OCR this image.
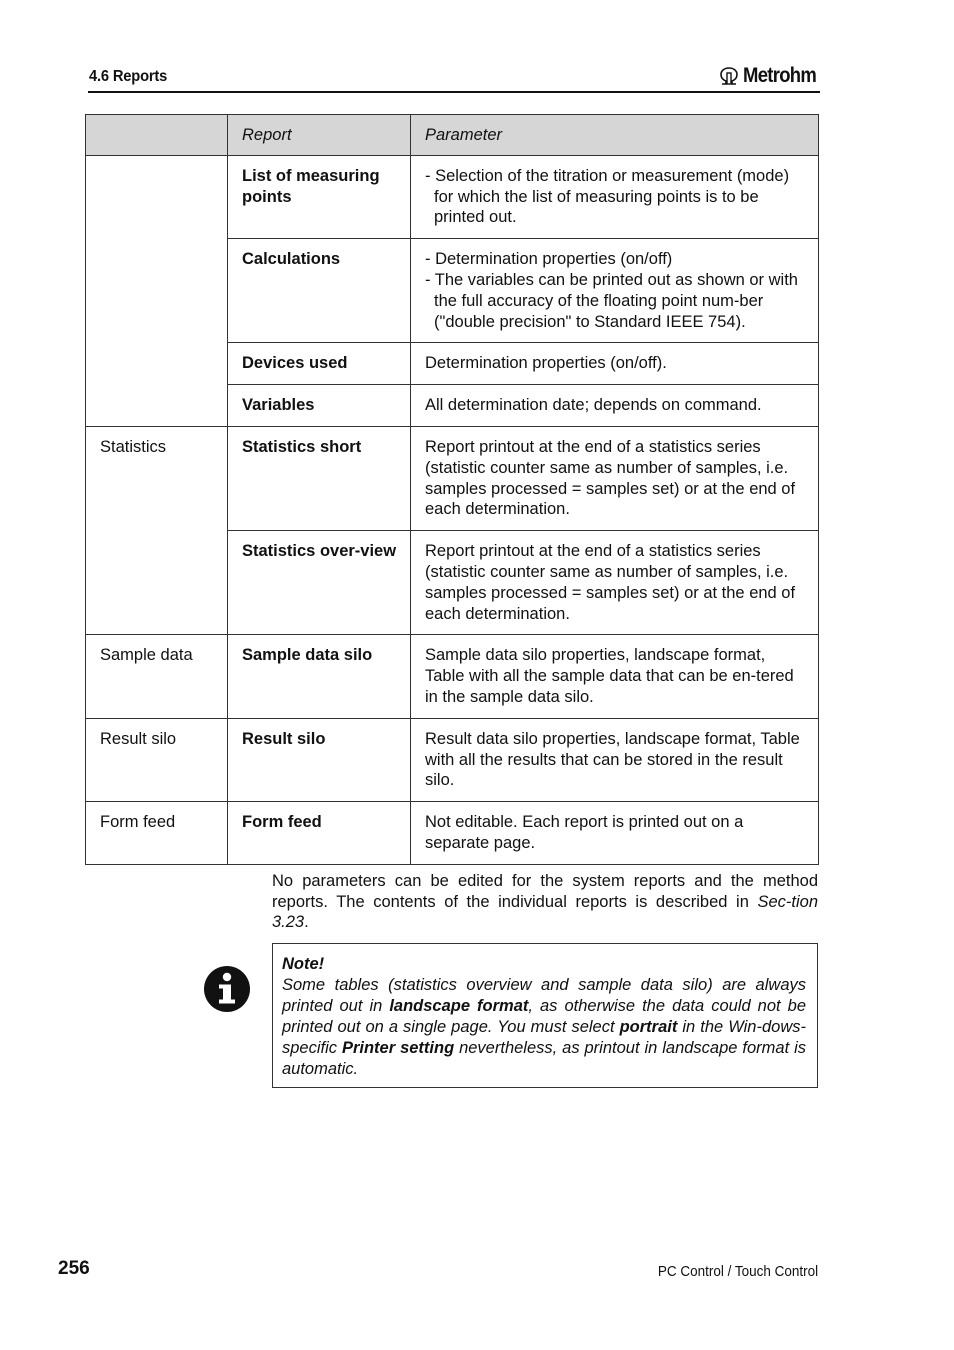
4.6 Reports	Metrohm
	Report	Parameter
	List of measuring points	- Selection of the titration or measurement (mode) for which the list of measuring points is to be printed out.

	Calculations	- Determination properties (on/off)
- The variables can be printed out as shown or with the full accuracy of the floating point num-ber ("double precision" to Standard IEEE 754).

	Devices used	Determination properties (on/off).
	Variables	All determination date; depends on command.
Statistics	Statistics short	Report printout at the end of a statistics series (statistic counter same as number of samples, i.e. samples processed = samples set) or at the end of each determination.
	Statistics over-view	Report printout at the end of a statistics series (statistic counter same as number of samples, i.e. samples processed = samples set) or at the end of each determination.
Sample data	Sample data silo	Sample data silo properties, landscape format, Table with all the sample data that can be en-tered in the sample data silo.
Result silo	Result silo	Result data silo properties, landscape format, Table with all the results that can be stored in the result silo.
Form feed	Form feed	Not editable. Each report is printed out on a separate page.

No parameters can be edited for the system reports and the method reports. The contents of the individual reports is described in Sec-tion 3.23.

Note!
Some tables (statistics overview and sample data silo) are always printed out in landscape format, as otherwise the data could not be printed out on a single page. You must select portrait in the Win-dows-specific Printer setting nevertheless, as printout in landscape format is automatic.
256	PC Control / Touch Control
